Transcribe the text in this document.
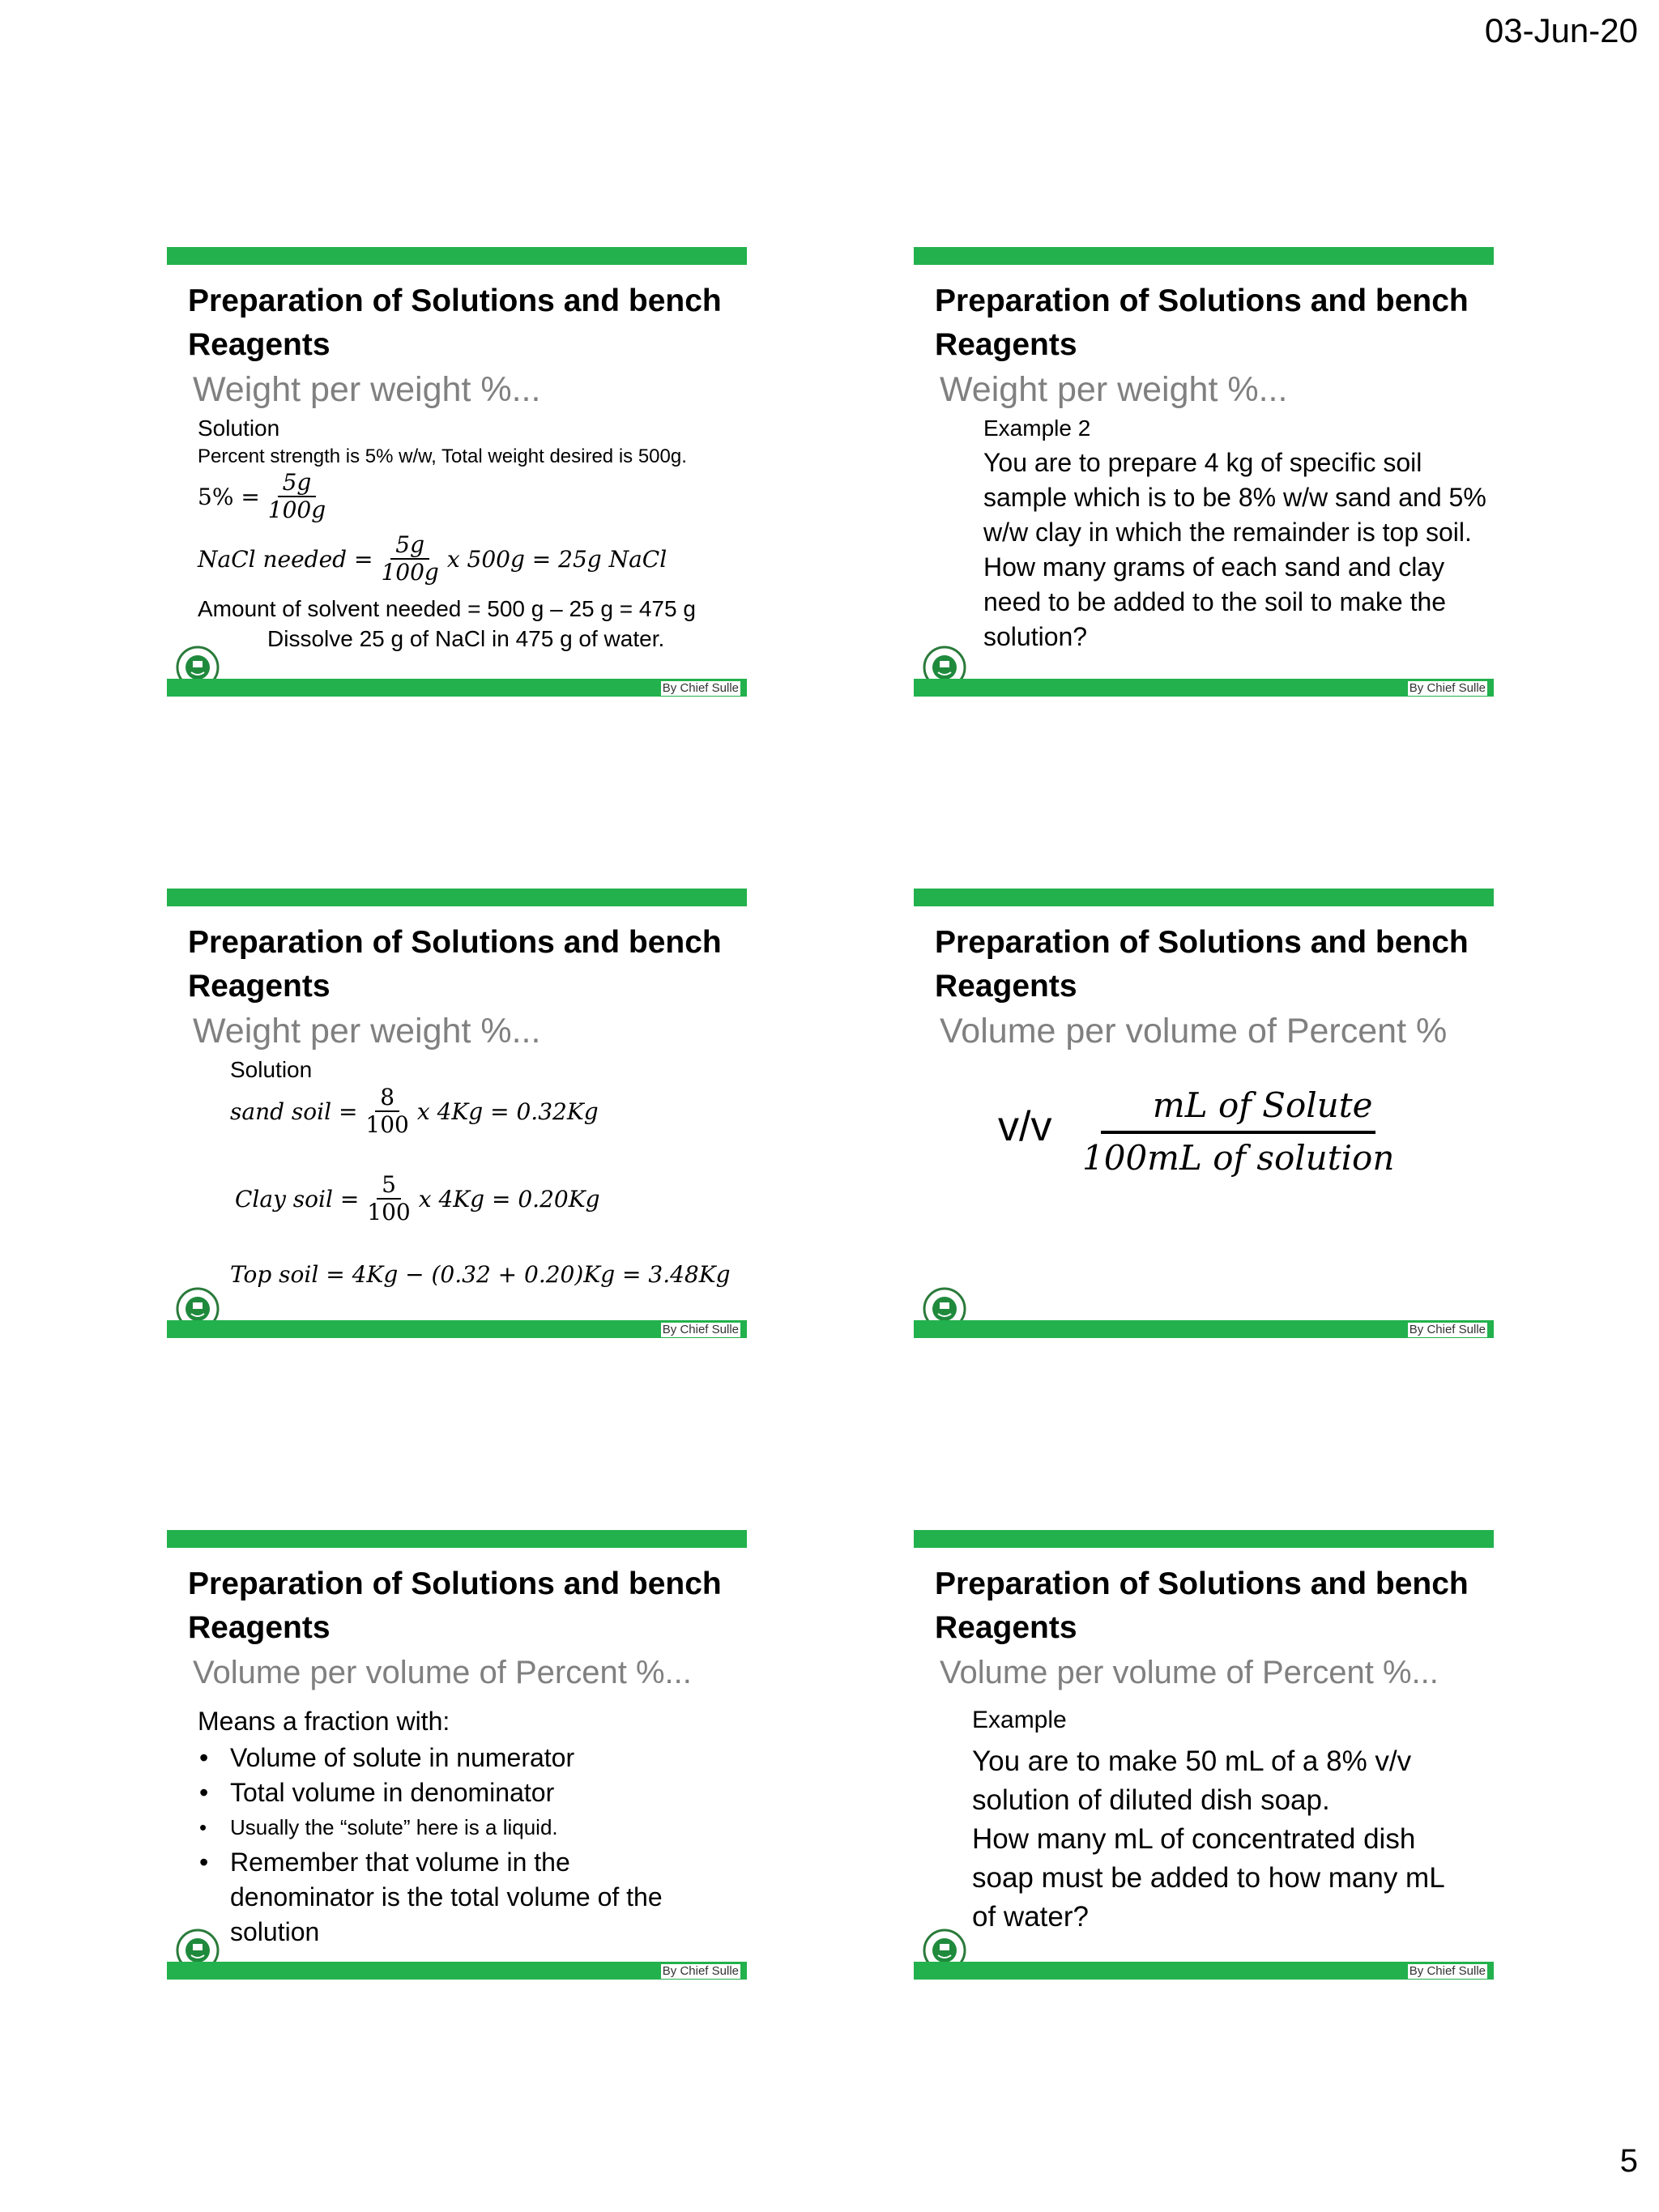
03-Jun-20
Preparation of Solutions and bench Reagents
Weight per weight %...
Solution
Percent strength is 5% w/w, Total weight desired is 500g.
$5\% = \frac{5g}{100g}$
NaCl needed = $\frac{5g}{100g}$ x 500g = 25g NaCl
Amount of solvent needed = 500 g – 25 g = 475 g
Dissolve 25 g of NaCl in 475 g of water.
By Chief Sulle
Preparation of Solutions and bench Reagents
Weight per weight %...
Example 2
You are to prepare 4 kg of specific soil
sample which is to be 8% w/w sand and 5%
w/w clay in which the remainder is top soil.
How many grams of each sand and clay
need to be added to the soil to make the
solution?
By Chief Sulle
Preparation of Solutions and bench Reagents
Weight per weight %...
Solution
sand soil = $\frac{8}{100}$ x 4Kg = 0.32Kg
Clay soil = $\frac{5}{100}$ x 4Kg = 0.20Kg
Top soil = 4Kg − (0.32 + 0.20)Kg = 3.48Kg
By Chief Sulle
Preparation of Solutions and bench Reagents
Volume per volume of Percent %
v/v	mL of Solute
100mL of solution
By Chief Sulle
Preparation of Solutions and bench Reagents
Volume per volume of Percent %...
Means a fraction with:
• Volume of solute in numerator
• Total volume in denominator
• Usually the “solute” here is a liquid.
• Remember that volume in the denominator is the total volume of the solution
By Chief Sulle
Preparation of Solutions and bench Reagents
Volume per volume of Percent %...
Example
You are to make 50 mL of a 8% v/v
solution of diluted dish soap.
How many mL of concentrated dish
soap must be added to how many mL
of water?
By Chief Sulle
5
